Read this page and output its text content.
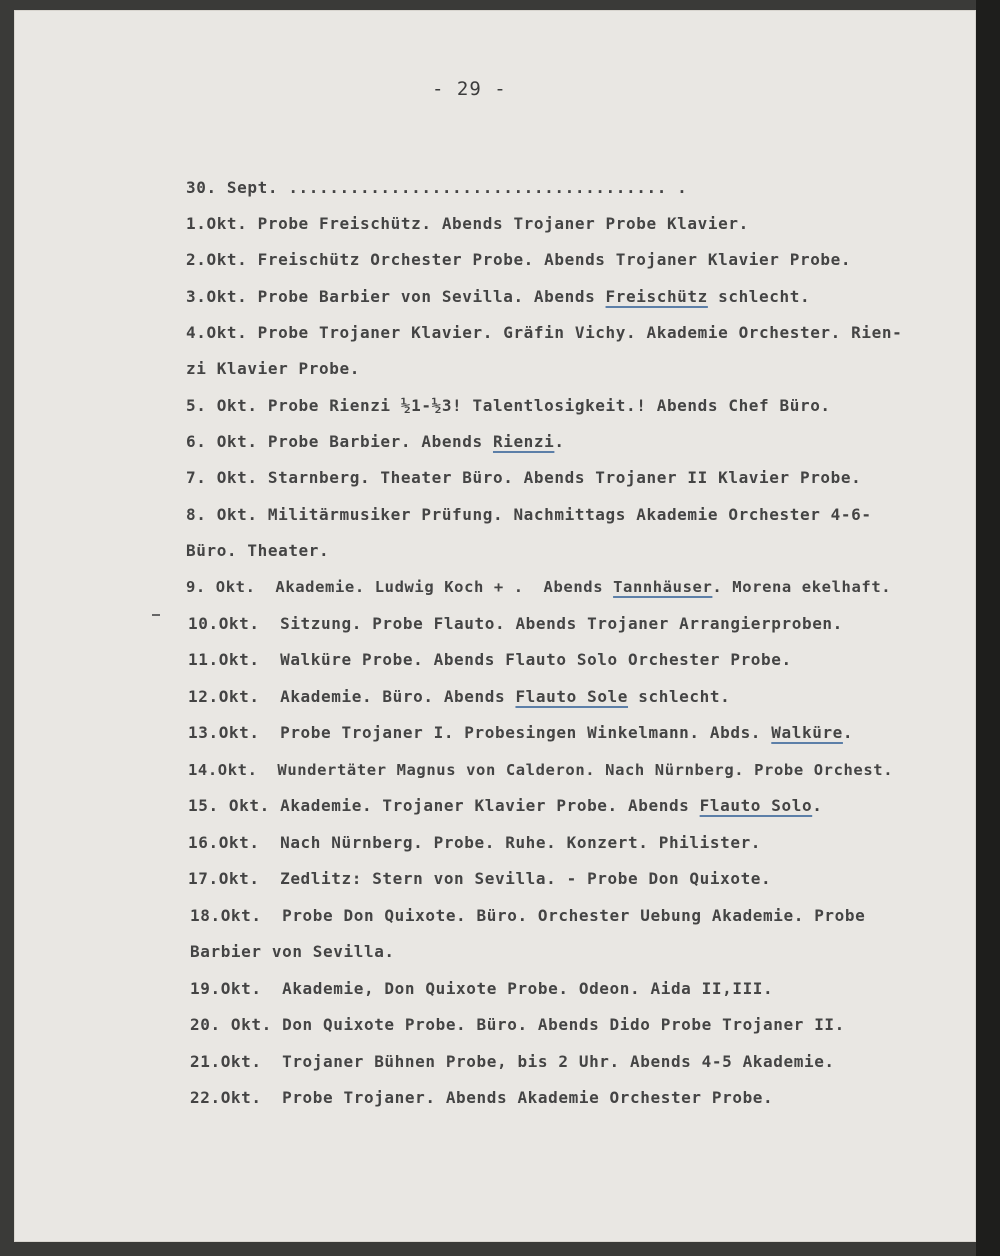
- 29 -
30. Sept. ..................................... .
1.Okt. Probe Freischütz. Abends Trojaner Probe Klavier.
2.Okt. Freischütz Orchester Probe. Abends Trojaner Klavier Probe.
3.Okt. Probe Barbier von Sevilla. Abends Freischütz schlecht.
4.Okt. Probe Trojaner Klavier. Gräfin Vichy. Akademie Orchester. Rien-
zi Klavier Probe.
5. Okt. Probe Rienzi ½1-½3! Talentlosigkeit.! Abends Chef Büro.
6. Okt. Probe Barbier. Abends Rienzi.
7. Okt. Starnberg. Theater Büro. Abends Trojaner II Klavier Probe.
8. Okt. Militärmusiker Prüfung. Nachmittags Akademie Orchester 4-6-
Büro. Theater.
9. Okt.  Akademie. Ludwig Koch + .  Abends Tannhäuser. Morena ekelhaft.
10.Okt.  Sitzung. Probe Flauto. Abends Trojaner Arrangierproben.
11.Okt.  Walküre Probe. Abends Flauto Solo Orchester Probe.
12.Okt.  Akademie. Büro. Abends Flauto Sole schlecht.
13.Okt.  Probe Trojaner I. Probesingen Winkelmann. Abds. Walküre.
14.Okt.  Wundertäter Magnus von Calderon. Nach Nürnberg. Probe Orchest.
15. Okt. Akademie. Trojaner Klavier Probe. Abends Flauto Solo.
16.Okt.  Nach Nürnberg. Probe. Ruhe. Konzert. Philister.
17.Okt.  Zedlitz: Stern von Sevilla. - Probe Don Quixote.
18.Okt.  Probe Don Quixote. Büro. Orchester Uebung Akademie. Probe
Barbier von Sevilla.
19.Okt.  Akademie, Don Quixote Probe. Odeon. Aida II,III.
20. Okt. Don Quixote Probe. Büro. Abends Dido Probe Trojaner II.
21.Okt.  Trojaner Bühnen Probe, bis 2 Uhr. Abends 4-5 Akademie.
22.Okt.  Probe Trojaner. Abends Akademie Orchester Probe.
